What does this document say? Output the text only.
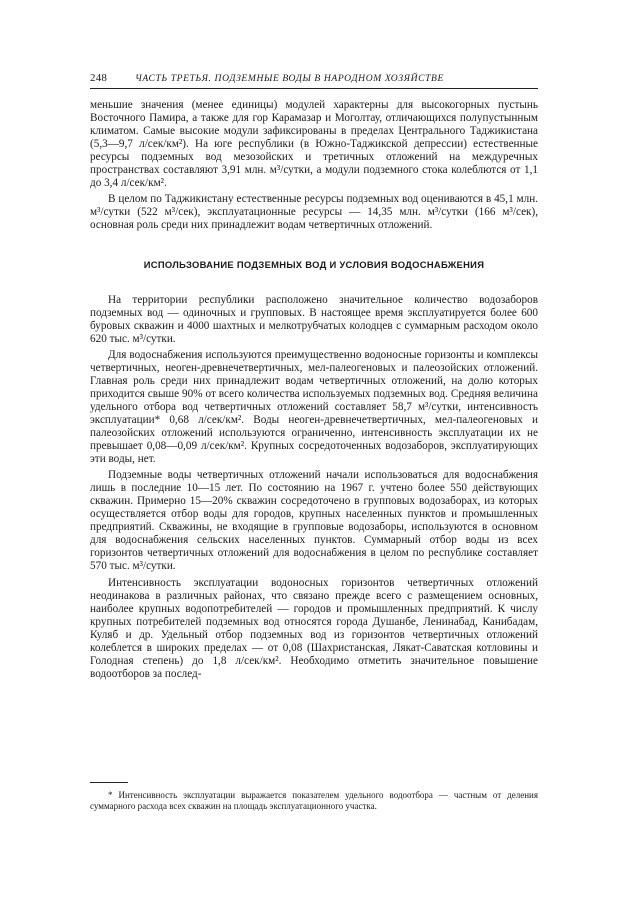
248	ЧАСТЬ ТРЕТЬЯ. ПОДЗЕМНЫЕ ВОДЫ В НАРОДНОМ ХОЗЯЙСТВЕ

меньшие значения (менее единицы) модулей характерны для высокогорных пустынь Восточного Памира, а также для гор Карамазар и Моголтау, отличающихся полупустынным климатом. Самые высокие модули зафиксированы в пределах Центрального Таджикистана (5,3—9,7 л/сек/км²). На юге республики (в Южно-Таджикской депрессии) естественные ресурсы подземных вод мезозойских и третичных отложений на междуречных пространствах составляют 3,91 млн. м³/сутки, а модули подземного стока колеблются от 1,1 до 3,4 л/сек/км².

В целом по Таджикистану естественные ресурсы подземных вод оцениваются в 45,1 млн. м³/сутки (522 м³/сек), эксплуатационные ресурсы — 14,35 млн. м³/сутки (166 м³/сек), основная роль среди них принадлежит водам четвертичных отложений.

ИСПОЛЬЗОВАНИЕ ПОДЗЕМНЫХ ВОД И УСЛОВИЯ ВОДОСНАБЖЕНИЯ

На территории республики расположено значительное количество водозаборов подземных вод — одиночных и групповых. В настоящее время эксплуатируется более 600 буровых скважин и 4000 шахтных и мелкотрубчатых колодцев с суммарным расходом около 620 тыс. м³/сутки.

Для водоснабжения используются преимущественно водоносные горизонты и комплексы четвертичных, неоген-древнечетвертичных, мел-палеогеновых и палеозойских отложений. Главная роль среди них принадлежит водам четвертичных отложений, на долю которых приходится свыше 90% от всего количества используемых подземных вод. Средняя величина удельного отбора вод четвертичных отложений составляет 58,7 м³/сутки, интенсивность эксплуатации* 0,68 л/сек/км². Воды неоген-древнечетвертичных, мел-палеогеновых и палеозойских отложений используются ограниченно, интенсивность эксплуатации их не превышает 0,08—0,09 л/сек/км². Крупных сосредоточенных водозаборов, эксплуатирующих эти воды, нет.

Подземные воды четвертичных отложений начали использоваться для водоснабжения лишь в последние 10—15 лет. По состоянию на 1967 г. учтено более 550 действующих скважин. Примерно 15—20% скважин сосредоточено в групповых водозаборах, из которых осуществляется отбор воды для городов, крупных населенных пунктов и промышленных предприятий. Скважины, не входящие в групповые водозаборы, используются в основном для водоснабжения сельских населенных пунктов. Суммарный отбор воды из всех горизонтов четвертичных отложений для водоснабжения в целом по республике составляет 570 тыс. м³/сутки.

Интенсивность эксплуатации водоносных горизонтов четвертичных отложений неодинакова в различных районах, что связано прежде всего с размещением основных, наиболее крупных водопотребителей — городов и промышленных предприятий. К числу крупных потребителей подземных вод относятся города Душанбе, Ленинабад, Канибадам, Куляб и др. Удельный отбор подземных вод из горизонтов четвертичных отложений колеблется в широких пределах — от 0,08 (Шахристанская, Лякат-Саватская котловины и Голодная степень) до 1,8 л/сек/км². Необходимо отметить значительное повышение водоотборов за послед-

* Интенсивность эксплуатации выражается показателем удельного водоотбора — частным от деления суммарного расхода всех скважин на площадь эксплуатационного участка.
